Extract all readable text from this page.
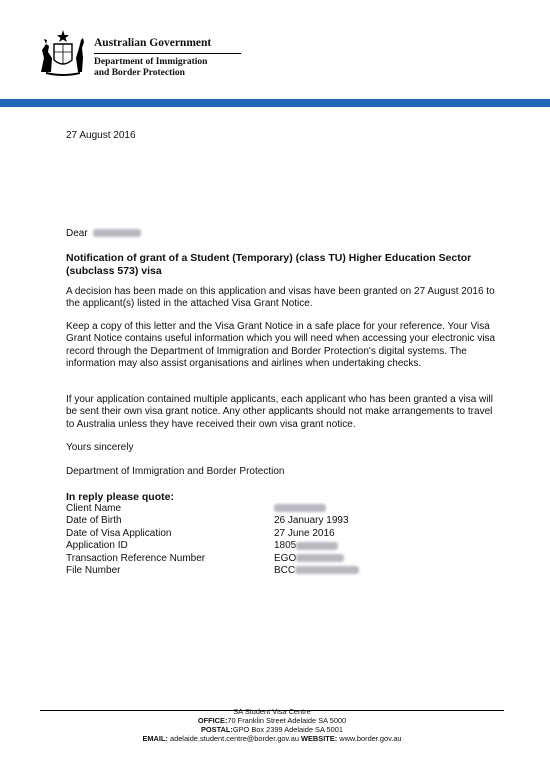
Australian Government
Department of Immigration
and Border Protection
27 August 2016
Dear
Notification of grant of a Student (Temporary) (class TU) Higher Education Sector
(subclass 573) visa

A decision has been made on this application and visas have been granted on 27 August 2016 to the applicant(s) listed in the attached Visa Grant Notice.

Keep a copy of this letter and the Visa Grant Notice in a safe place for your reference. Your Visa Grant Notice contains useful information which you will need when accessing your electronic visa record through the Department of Immigration and Border Protection's digital systems. The information may also assist organisations and airlines when undertaking checks.

If your application contained multiple applicants, each applicant who has been granted a visa will be sent their own visa grant notice. Any other applicants should not make arrangements to travel to Australia unless they have received their own visa grant notice.

Yours sincerely
Department of Immigration and Border Protection
In reply please quote:
Client Name
Date of Birth	26 January 1993
Date of Visa Application	27 June 2016
Application ID	1805
Transaction Reference Number	EGO
File Number	BCC
SA Student Visa Centre
OFFICE:70 Franklin Street Adelaide SA 5000
POSTAL:GPO Box 2399 Adelaide SA 5001
EMAIL: adelaide.student.centre@border.gov.au WEBSITE: www.border.gov.au
